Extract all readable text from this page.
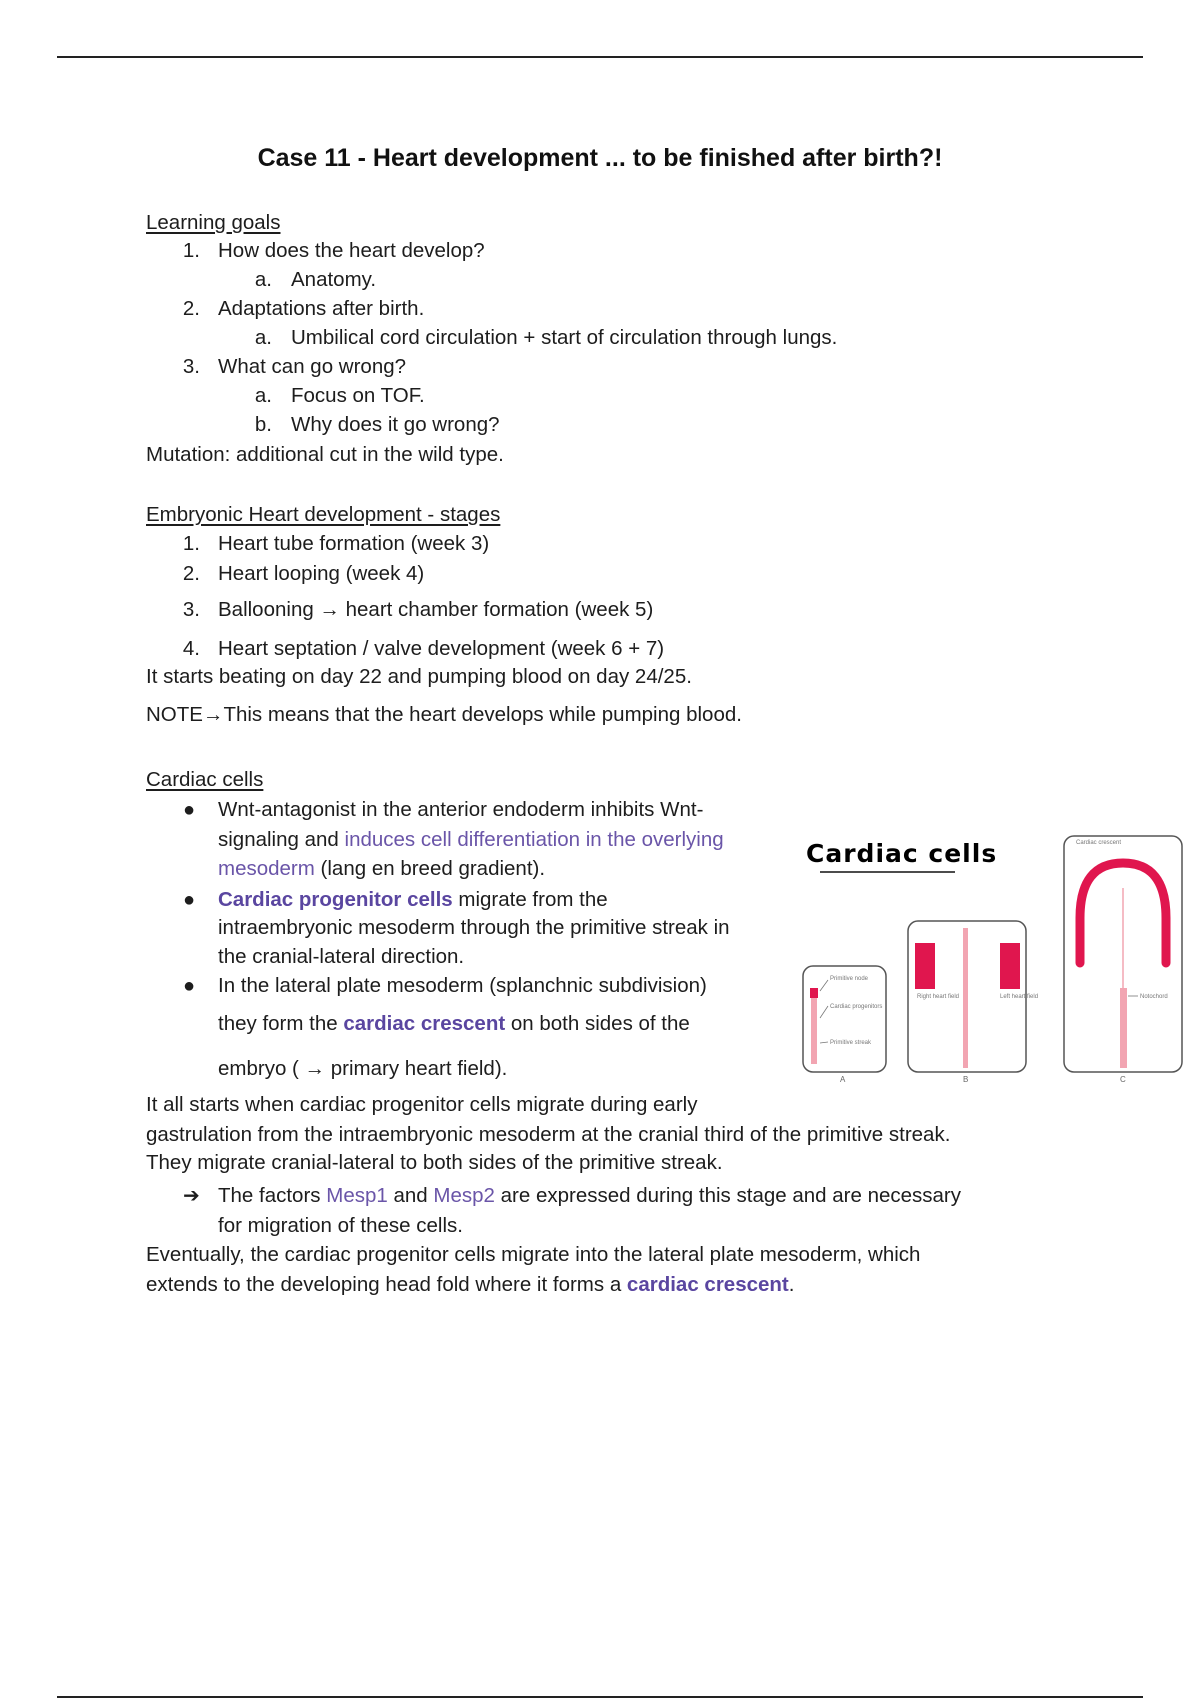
Case 11 - Heart development ... to be finished after birth?!
Learning goals
1. How does the heart develop?
a. Anatomy.
2. Adaptations after birth.
a. Umbilical cord circulation + start of circulation through lungs.
3. What can go wrong?
a. Focus on TOF.
b. Why does it go wrong?
Mutation: additional cut in the wild type.
Embryonic Heart development - stages
1. Heart tube formation (week 3)
2. Heart looping (week 4)
3. Ballooning → heart chamber formation (week 5)
4. Heart septation / valve development (week 6 + 7)
It starts beating on day 22 and pumping blood on day 24/25.
NOTE→This means that the heart develops while pumping blood.
Cardiac cells
● Wnt-antagonist in the anterior endoderm inhibits Wnt-
signaling and induces cell differentiation in the overlying
mesoderm (lang en breed gradient).
● Cardiac progenitor cells migrate from the
intraembryonic mesoderm through the primitive streak in
the cranial-lateral direction.
● In the lateral plate mesoderm (splanchnic subdivision)
they form the cardiac crescent on both sides of the
embryo ( → primary heart field).
It all starts when cardiac progenitor cells migrate during early
gastrulation from the intraembryonic mesoderm at the cranial third of the primitive streak.
They migrate cranial-lateral to both sides of the primitive streak.
➔ The factors Mesp1 and Mesp2 are expressed during this stage and are necessary
for migration of these cells.
Eventually, the cardiac progenitor cells migrate into the lateral plate mesoderm, which
extends to the developing head fold where it forms a cardiac crescent.
Cardiac cells
Primitive node
Cardiac progenitors
Primitive streak
A
Right heart field	Left heart field
B
Cardiac crescent
Notochord
C
